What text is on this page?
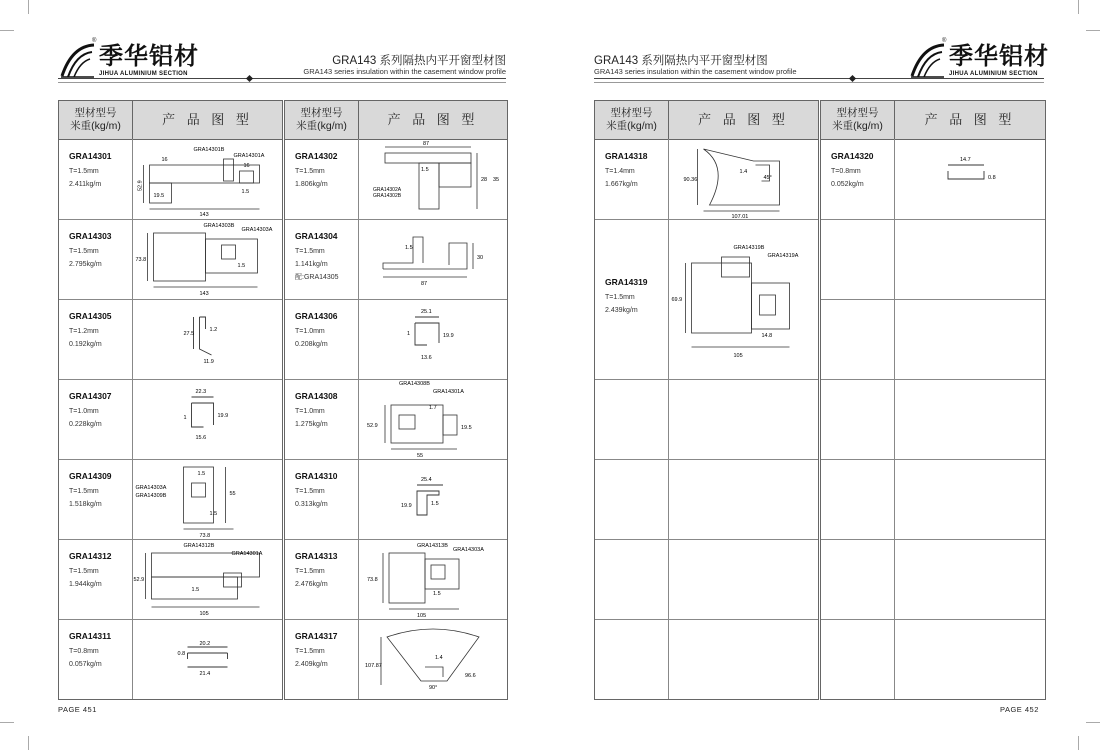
季华铝材
JIHUA ALUMINIUM SECTION
®
GRA143 系列隔热内平开窗型材图
GRA143 series insulation within the casement window profile
型材型号
米重(kg/m)	产 品 图 型
GRA14301
T=1.5mm
2.411kg/m
GRA14301B
GRA14301A
16
16
52.9
19.5
1.5
143
GRA14303
T=1.5mm
2.795kg/m
GRA14303B
GRA14303A
73.8
1.5
143
GRA14305
T=1.2mm
0.192kg/m
27.5
1.2
11.9
GRA14307
T=1.0mm
0.228kg/m
22.3
1	19.9
15.6
GRA14309
T=1.5mm
1.518kg/m
GRA14303A
GRA14309B	55
1.5
1.5
73.8
GRA14312
T=1.5mm
1.944kg/m
GRA14312B
GRA14301A
52.9
1.5
105
GRA14311
T=0.8mm
0.057kg/m
20.2
0.8
21.4
型材型号
米重(kg/m)	产 品 图 型
GRA14302
T=1.5mm
1.806kg/m
87
1.5
GRA14302A
GRA14302B
28 35
GRA14304
T=1.5mm
1.141kg/m
配:GRA14305
1.5
30
87
GRA14306
T=1.0mm
0.208kg/m
25.1
1	19.9
13.6
GRA14308
T=1.0mm
1.275kg/m
GRA14308B
GRA14301A
1.7
52.9	19.5
55
GRA14310
T=1.5mm
0.313kg/m
25.4
1.5
19.9
GRA14313
T=1.5mm
2.476kg/m
GRA14313B
GRA14303A
73.8
1.5
105
GRA14317
T=1.5mm
2.409kg/m	107.87
1.4
90°
96.6
PAGE 451
GRA143 系列隔热内平开窗型材图
GRA143 series insulation within the casement window profile
季华铝材
JIHUA ALUMINIUM SECTION
®
型材型号
米重(kg/m)	产 品 图 型
GRA14318
T=1.4mm
1.667kg/m
90.36
1.4
45°
107.01
GRA14319
T=1.5mm
2.439kg/m
GRA14319B
GRA14319A
69.9
14.8
105
型材型号
米重(kg/m)	产 品 图 型
GRA14320
T=0.8mm
0.052kg/m
14.7
0.8
PAGE 452
